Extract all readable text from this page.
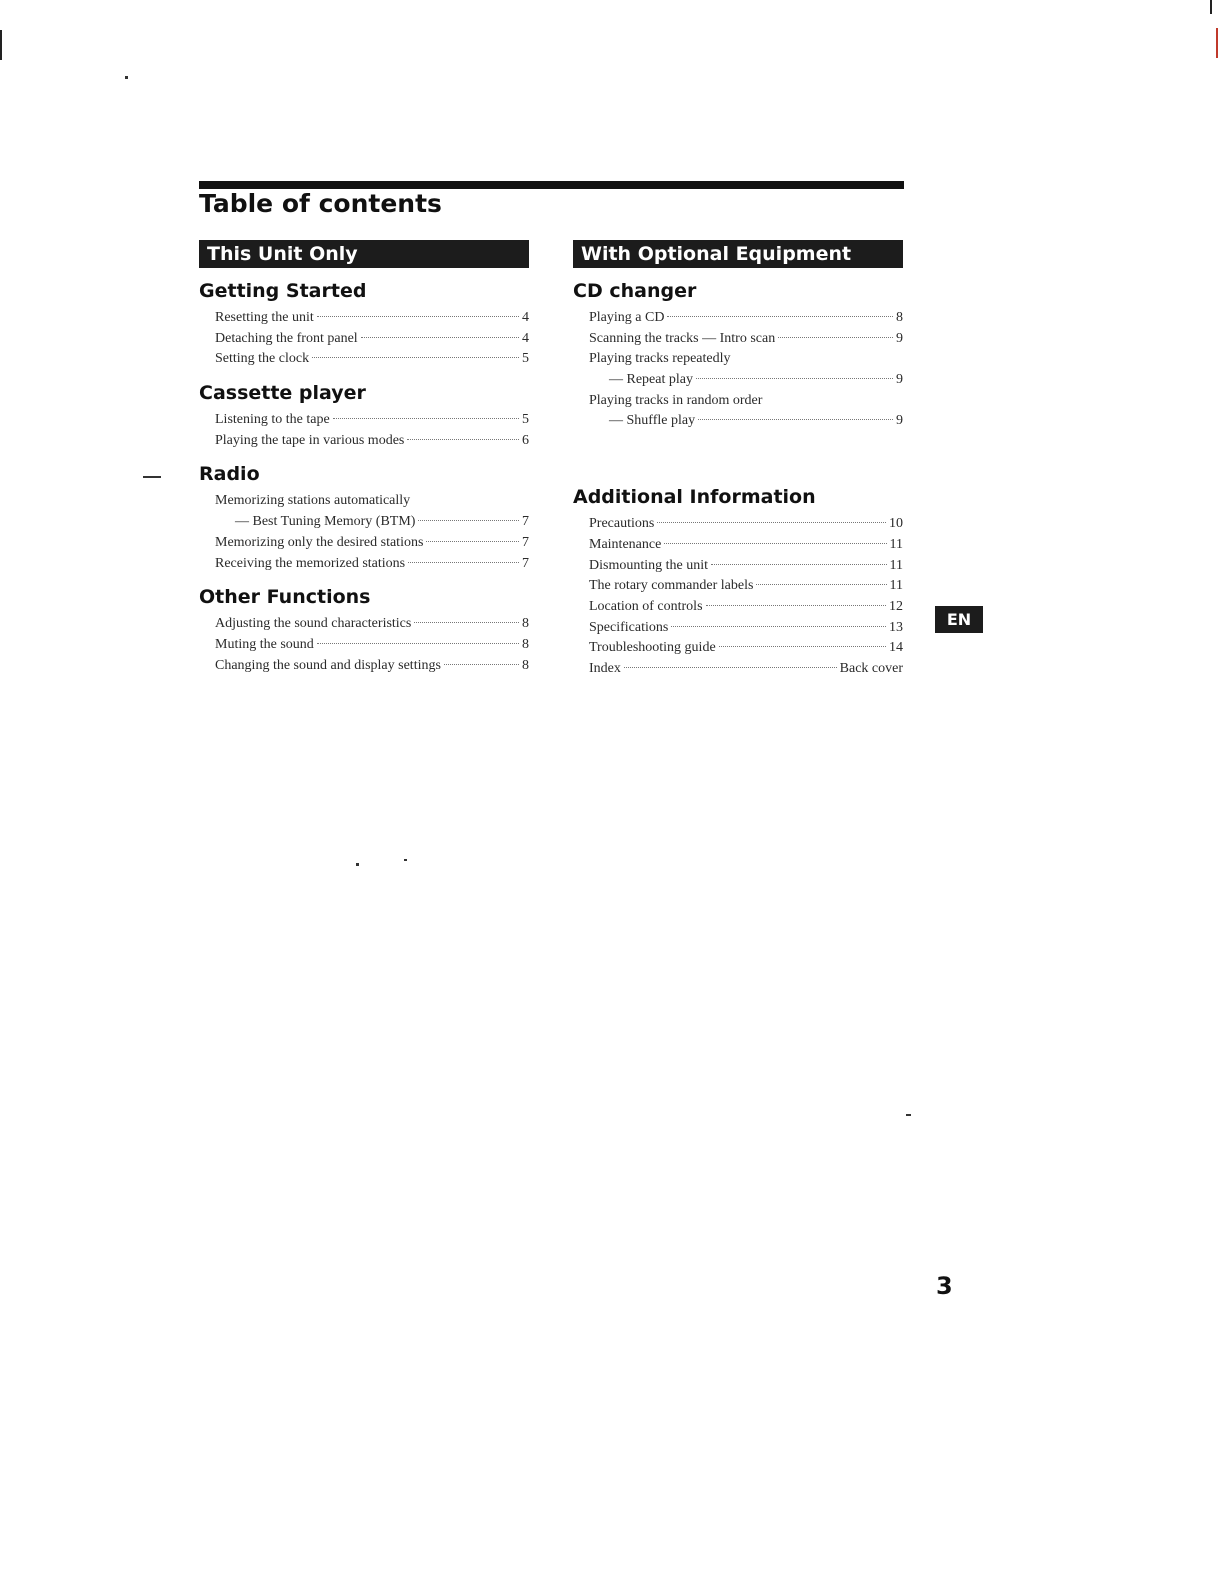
Table of contents
This Unit Only
Getting Started
Resetting the unit	4
Detaching the front panel	4
Setting the clock	5
Cassette player
Listening to the tape	5
Playing the tape in various modes	6
Radio
Memorizing stations automatically
— Best Tuning Memory (BTM)	7
Memorizing only the desired stations	7
Receiving the memorized stations	7
Other Functions
Adjusting the sound characteristics	8
Muting the sound	8
Changing the sound and display settings	8
With Optional Equipment
CD changer
Playing a CD	8
Scanning the tracks — Intro scan	9
Playing tracks repeatedly
— Repeat play	9
Playing tracks in random order
— Shuffle play	9
Additional Information
Precautions	10
Maintenance	11
Dismounting the unit	11
The rotary commander labels	11
Location of controls	12
Specifications	13
Troubleshooting guide	14
Index	Back cover
EN
3
